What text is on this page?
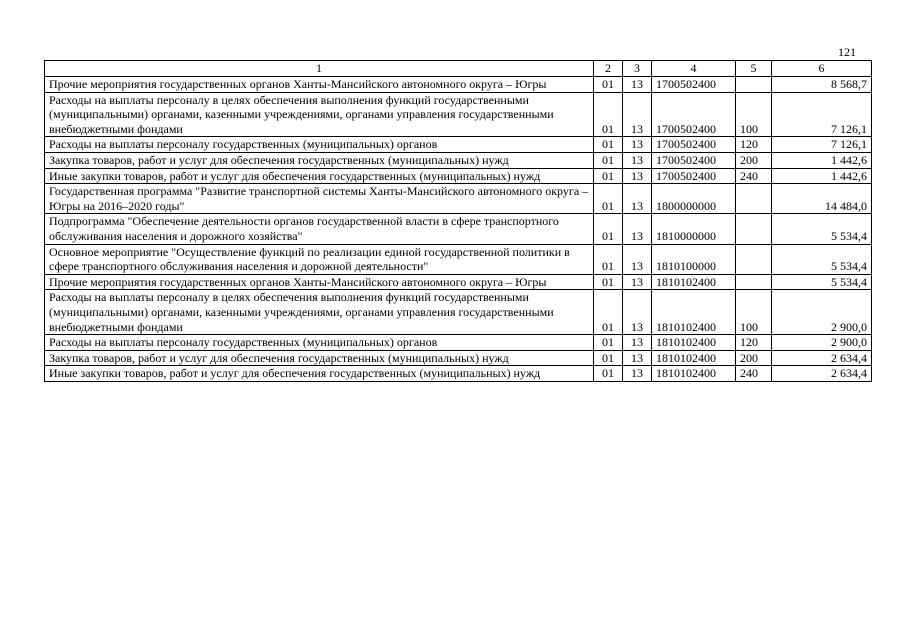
121
1	2	3	4	5	6
Прочие мероприятия государственных органов Ханты-Мансийского автономного округа – Югры	01	13	1700502400		8 568,7
Расходы на выплаты персоналу в целях обеспечения выполнения функций государственными (муниципальными) органами, казенными учреждениями, органами управления государственными внебюджетными фондами	01	13	1700502400	100	7 126,1
Расходы на выплаты персоналу государственных (муниципальных) органов	01	13	1700502400	120	7 126,1
Закупка товаров, работ и услуг для обеспечения государственных (муниципальных) нужд	01	13	1700502400	200	1 442,6
Иные закупки товаров, работ и услуг для обеспечения государственных (муниципальных) нужд	01	13	1700502400	240	1 442,6
Государственная программа "Развитие транспортной системы Ханты-Мансийского автономного округа – Югры на 2016–2020 годы"	01	13	1800000000		14 484,0
Подпрограмма "Обеспечение деятельности органов государственной власти в сфере транспортного обслуживания населения и дорожного хозяйства"	01	13	1810000000		5 534,4
Основное мероприятие "Осуществление функций по реализации единой государственной политики в сфере транспортного обслуживания населения и дорожной деятельности"	01	13	1810100000		5 534,4
Прочие мероприятия государственных органов Ханты-Мансийского автономного округа – Югры	01	13	1810102400		5 534,4
Расходы на выплаты персоналу в целях обеспечения выполнения функций государственными (муниципальными) органами, казенными учреждениями, органами управления государственными внебюджетными фондами	01	13	1810102400	100	2 900,0
Расходы на выплаты персоналу государственных (муниципальных) органов	01	13	1810102400	120	2 900,0
Закупка товаров, работ и услуг для обеспечения государственных (муниципальных) нужд	01	13	1810102400	200	2 634,4
Иные закупки товаров, работ и услуг для обеспечения государственных (муниципальных) нужд	01	13	1810102400	240	2 634,4
